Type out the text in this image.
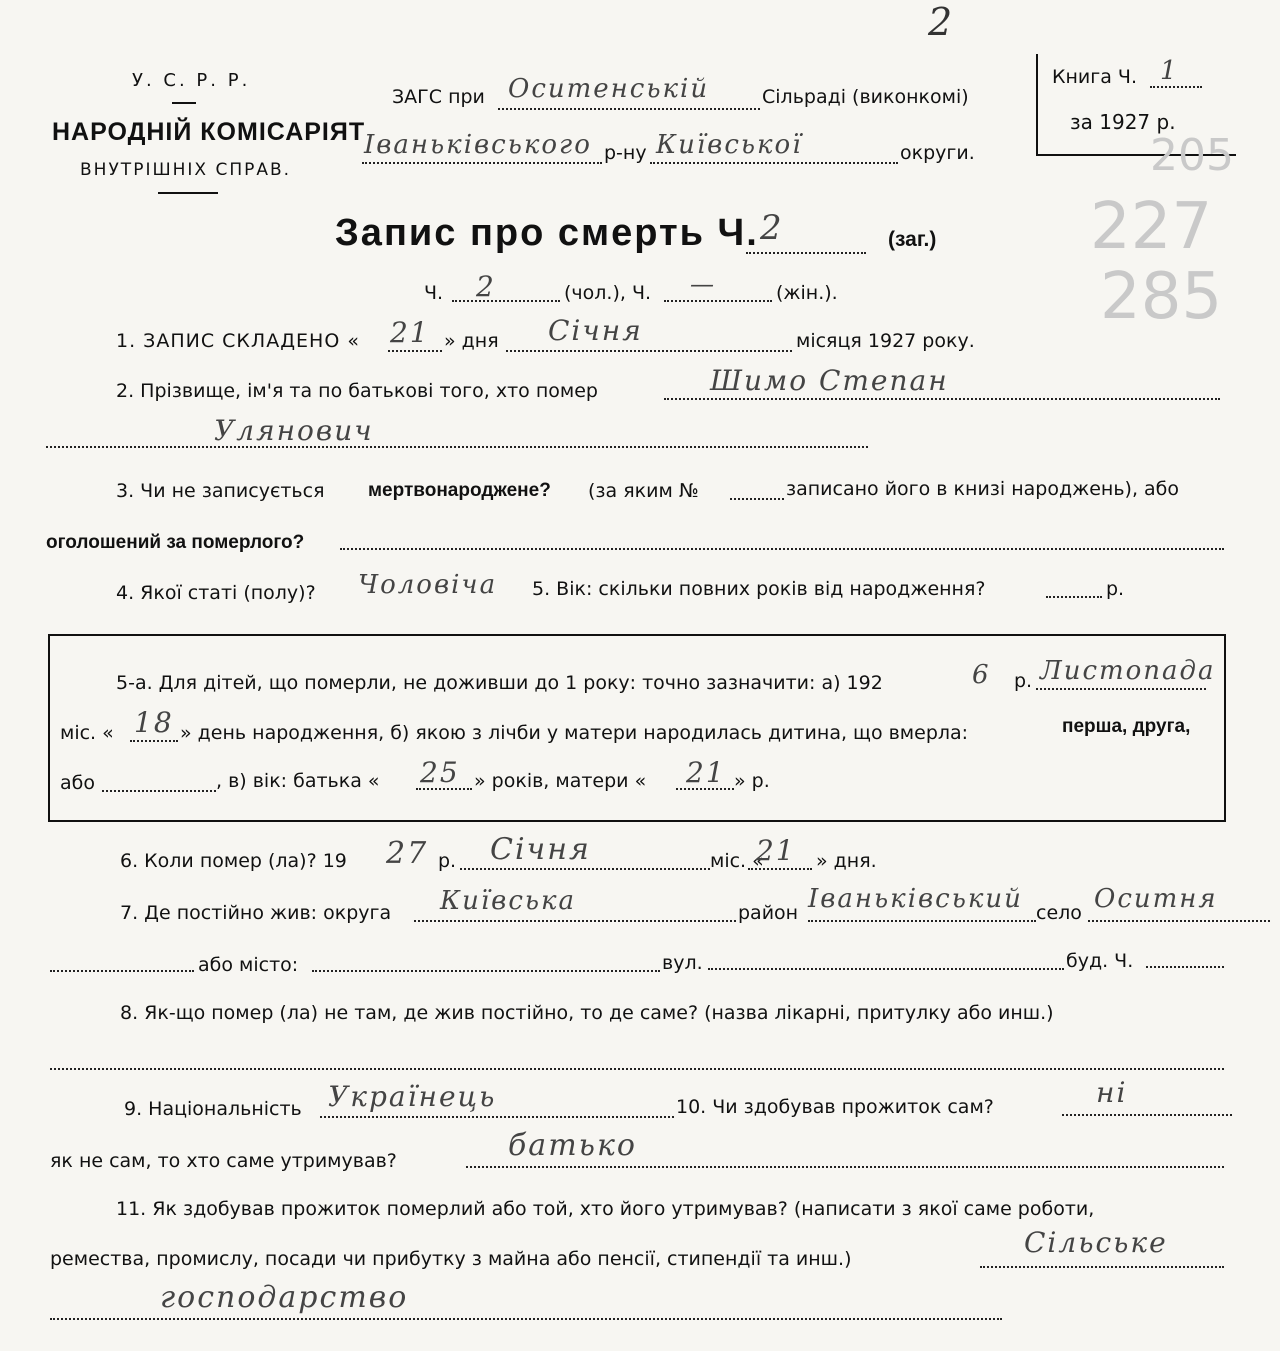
2
У. С. Р. Р.
НАРОДНІЙ КОМІСАРІЯТ
ВНУТРІШНІХ СПРАВ.
ЗАГС при Оситенській	Сільраді (виконкомі)
Іваньківського р-ну Київської	округи.
Книга Ч. 1
за 1927 р.
205
227
285
Запис про смерть Ч. 2	(заг.)
Ч. 2	(чол.), Ч. —	(жін.).
1. ЗАПИС СКЛАДЕНО « 21 » дня Січня	місяця 1927 року.
2. Прізвище, ім'я та по батькові того, хто помер	Шимо Степан
Улянович
3. Чи не записується мертвонароджене? (за яким №	записано його в книзі народжень), або
оголошений за померлого?
4. Якої статі (полу)? Чоловіча 5. Вік: скільки повних років від народження?	р.
5-а. Для дітей, що померли, не доживши до 1 року: точно зазначити: а) 192	6 р. Листопада
міс. « 18 » день народження, б) якою з лічби у матери народилась дитина, що вмерла:	перша, друга,
або	, в) вік: батька « 25 » років, матери « 21 » р.
6. Коли помер (ла)? 19 27 р. Січня	міс. «
21 » дня.
7. Де постійно жив: округа Київська	район Іваньківський село Оситня
або місто:	вул.	буд. Ч.
8. Як-що помер (ла) не там, де жив постійно, то де саме? (назва лікарні, притулку або инш.)
9. Національність Українець	10. Чи здобував прожиток сам?	ні
як не сам, то хто саме утримував?	батько
11. Як здобував прожиток померлий або той, хто його утримував? (написати з якої саме роботи,
ремества, промислу, посади чи прибутку з майна або пенсії, стипендії та инш.)	Сільське
господарство
